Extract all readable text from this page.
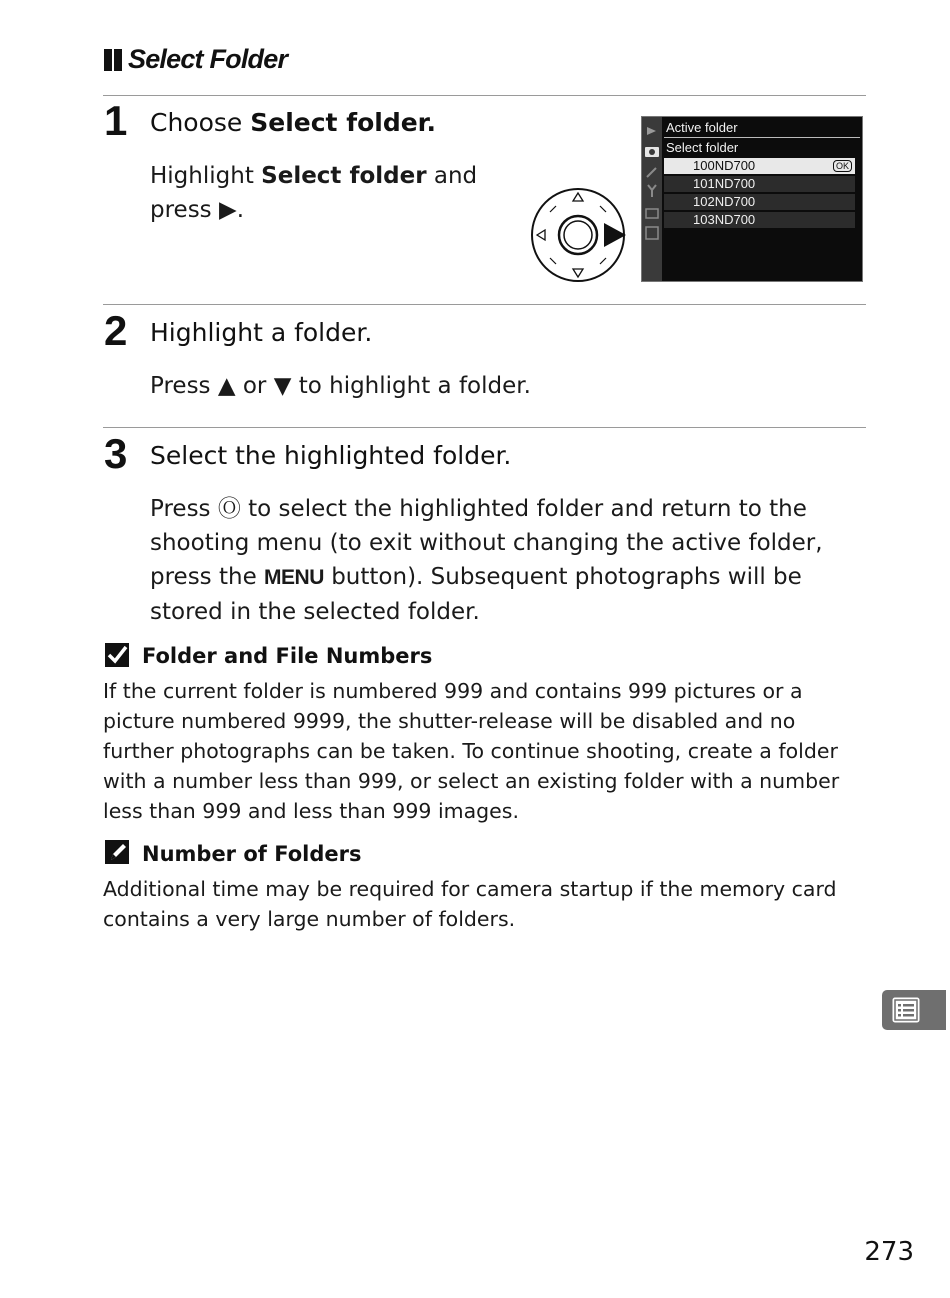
Select Folder
1 Choose Select folder.
Highlight Select folder and
press ▶.
Active folder
Select folder
100ND700	OK
101ND700
102ND700
103ND700
2 Highlight a folder.
Press ▲ or ▼ to highlight a folder.
3 Select the highlighted folder.
Press Ⓞ to select the highlighted folder and return to the
shooting menu (to exit without changing the active folder,
press the MENU button). Subsequent photographs will be
stored in the selected folder.
Folder and File Numbers
If the current folder is numbered 999 and contains 999 pictures or a
picture numbered 9999, the shutter-release will be disabled and no
further photographs can be taken. To continue shooting, create a folder
with a number less than 999, or select an existing folder with a number
less than 999 and less than 999 images.
Number of Folders
Additional time may be required for camera startup if the memory card
contains a very large number of folders.
273
